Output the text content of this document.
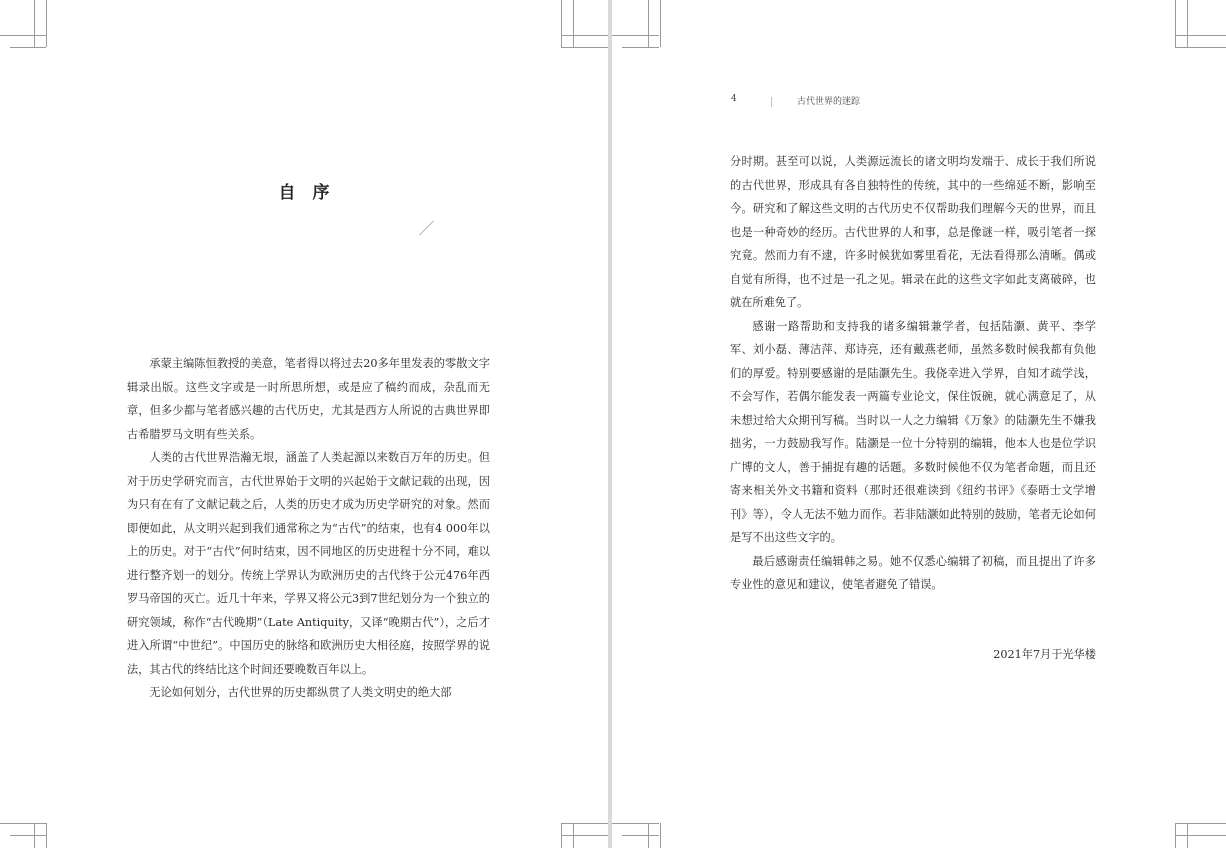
自　序

承蒙主编陈恒教授的美意，笔者得以将过去20多年里发表的零散文字辑录出版。这些文字或是一时所思所想，或是应了稿约而成，杂乱而无章，但多少都与笔者感兴趣的古代历史，尤其是西方人所说的古典世界即古希腊罗马文明有些关系。

人类的古代世界浩瀚无垠，涵盖了人类起源以来数百万年的历史。但对于历史学研究而言，古代世界始于文明的兴起始于文献记载的出现，因为只有在有了文献记载之后，人类的历史才成为历史学研究的对象。然而即便如此，从文明兴起到我们通常称之为“古代”的结束，也有4 000年以上的历史。对于“古代”何时结束，因不同地区的历史进程十分不同，难以进行整齐划一的划分。传统上学界认为欧洲历史的古代终于公元476年西罗马帝国的灭亡。近几十年来，学界又将公元3到7世纪划分为一个独立的研究领域，称作“古代晚期”（Late Antiquity，又译“晚期古代”），之后才进入所谓“中世纪”。中国历史的脉络和欧洲历史大相径庭，按照学界的说法，其古代的终结比这个时间还要晚数百年以上。

无论如何划分，古代世界的历史都纵贯了人类文明史的绝大部

4	古代世界的迷踪

分时期。甚至可以说，人类源远流长的诸文明均发端于、成长于我们所说的古代世界，形成具有各自独特性的传统，其中的一些绵延不断，影响至今。研究和了解这些文明的古代历史不仅帮助我们理解今天的世界，而且也是一种奇妙的经历。古代世界的人和事，总是像谜一样，吸引笔者一探究竟。然而力有不逮，许多时候犹如雾里看花，无法看得那么清晰。偶或自觉有所得，也不过是一孔之见。辑录在此的这些文字如此支离破碎，也就在所难免了。

感谢一路帮助和支持我的诸多编辑兼学者，包括陆灏、黄平、李学军、刘小磊、薄洁萍、郑诗亮，还有戴燕老师，虽然多数时候我都有负他们的厚爱。特别要感谢的是陆灏先生。我侥幸进入学界，自知才疏学浅，不会写作，若偶尔能发表一两篇专业论文，保住饭碗，就心满意足了，从未想过给大众期刊写稿。当时以一人之力编辑《万象》的陆灏先生不嫌我拙劣，一力鼓励我写作。陆灏是一位十分特别的编辑，他本人也是位学识广博的文人，善于捕捉有趣的话题。多数时候他不仅为笔者命题，而且还寄来相关外文书籍和资料（那时还很难读到《纽约书评》《泰晤士文学增刊》等），令人无法不勉力而作。若非陆灏如此特别的鼓励，笔者无论如何是写不出这些文字的。

最后感谢责任编辑韩之易。她不仅悉心编辑了初稿，而且提出了许多专业性的意见和建议，使笔者避免了错误。

2021年7月于光华楼
